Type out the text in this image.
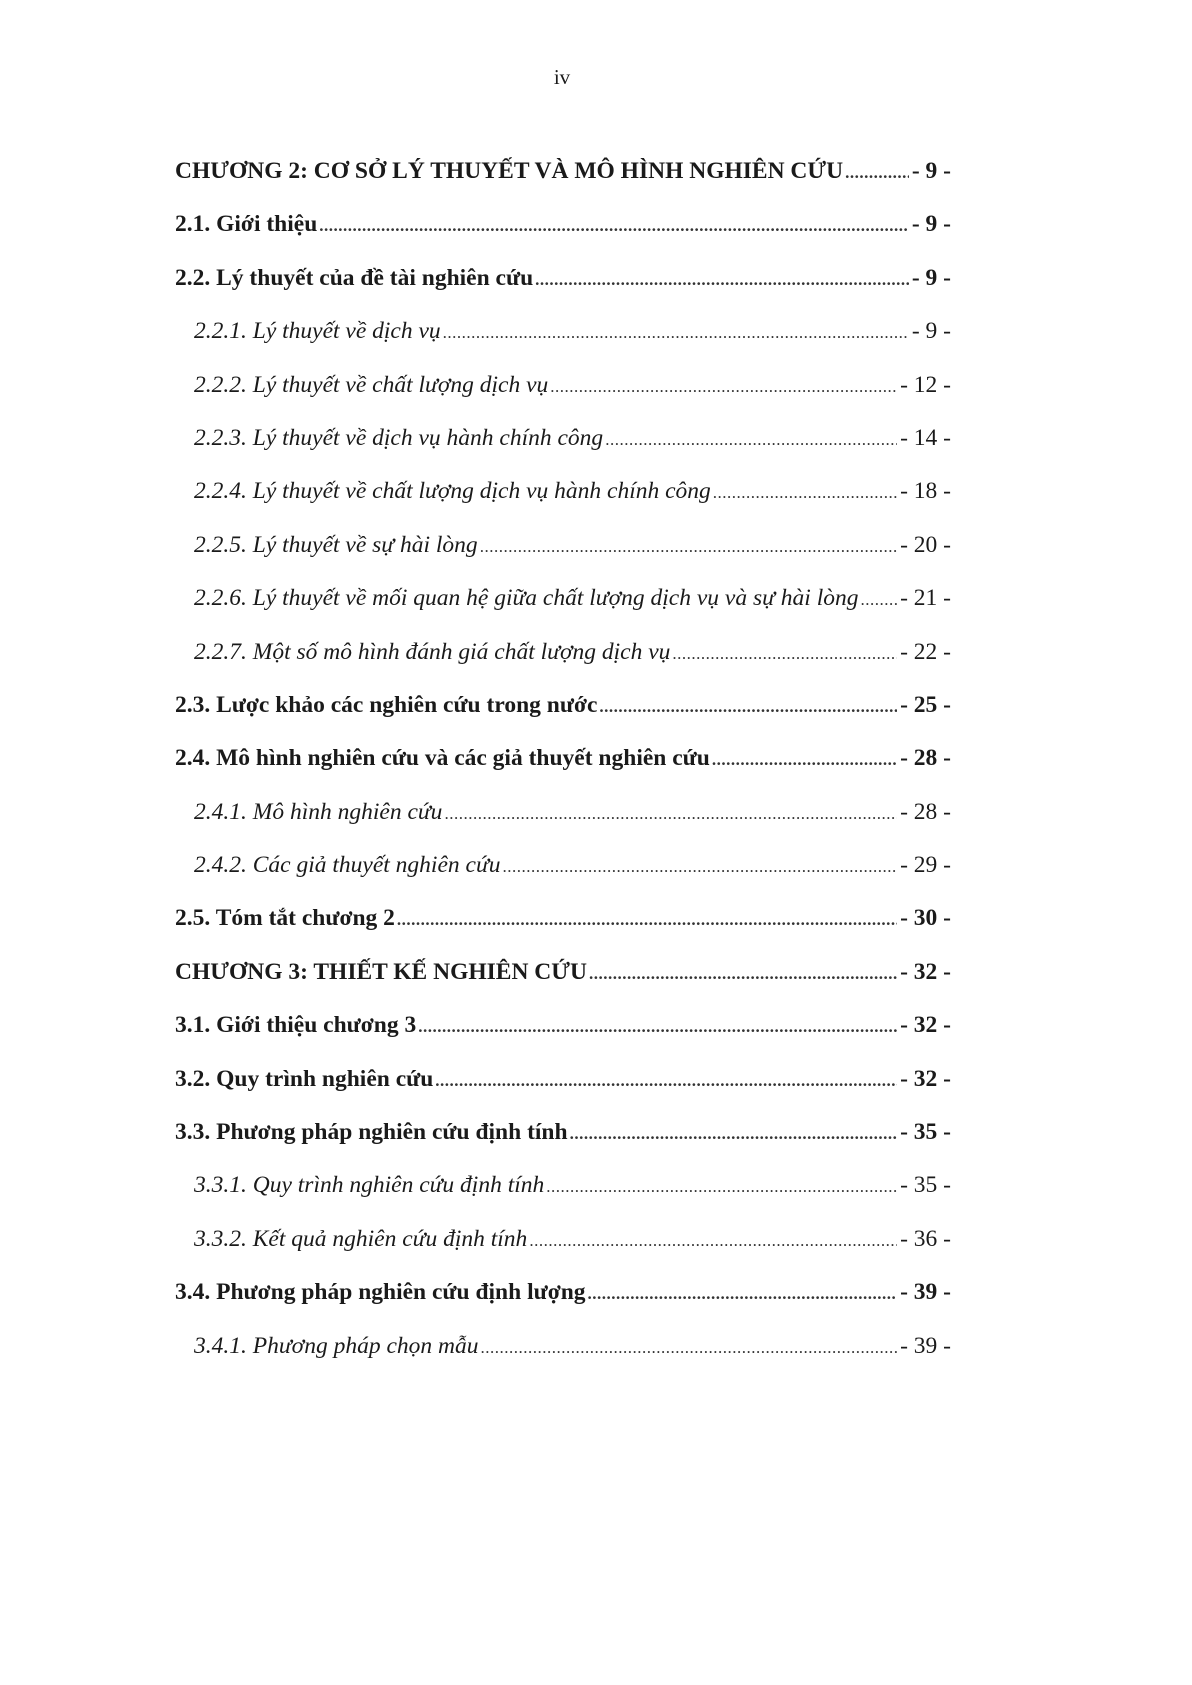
iv
CHƯƠNG 2: CƠ SỞ LÝ THUYẾT VÀ MÔ HÌNH NGHIÊN CỨU .....	- 9 -
2.1. Giới thiệu .....	- 9 -
2.2. Lý thuyết của đề tài nghiên cứu .....	- 9 -
2.2.1. Lý thuyết về dịch vụ .....	- 9 -
2.2.2. Lý thuyết về chất lượng dịch vụ .....	- 12 -
2.2.3. Lý thuyết về dịch vụ hành chính công .....	- 14 -
2.2.4. Lý thuyết về chất lượng dịch vụ hành chính công .....	- 18 -
2.2.5. Lý thuyết về sự hài lòng .....	- 20 -
2.2.6. Lý thuyết về mối quan hệ giữa chất lượng dịch vụ và sự hài lòng ..... - 21 -
2.2.7. Một số mô hình đánh giá chất lượng dịch vụ .....	- 22 -
2.3. Lược khảo các nghiên cứu trong nước .....	- 25 -
2.4. Mô hình nghiên cứu và các giả thuyết nghiên cứu .....	- 28 -
2.4.1. Mô hình nghiên cứu .....	- 28 -
2.4.2. Các giả thuyết nghiên cứu .....	- 29 -
2.5. Tóm tắt chương 2 .....	- 30 -
CHƯƠNG 3: THIẾT KẾ NGHIÊN CỨU .....	- 32 -
3.1. Giới thiệu chương 3 .....	- 32 -
3.2. Quy trình nghiên cứu .....	- 32 -
3.3. Phương pháp nghiên cứu định tính .....	- 35 -
3.3.1. Quy trình nghiên cứu định tính .....	- 35 -
3.3.2. Kết quả nghiên cứu định tính .....	- 36 -
3.4. Phương pháp nghiên cứu định lượng .....	- 39 -
3.4.1. Phương pháp chọn mẫu .....	- 39 -
